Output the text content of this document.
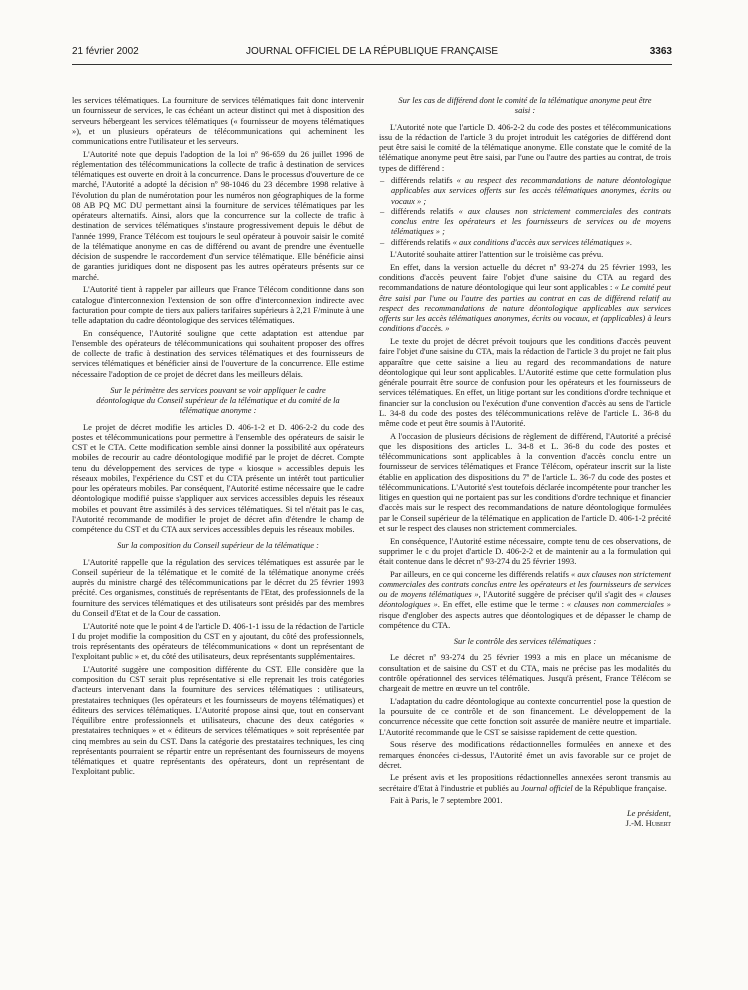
21 février 2002	JOURNAL OFFICIEL DE LA RÉPUBLIQUE FRANÇAISE	3363

les services télématiques. La fourniture de services télématiques fait donc intervenir un fournisseur de services, le cas échéant un acteur distinct qui met à disposition des serveurs hébergeant les services télématiques (« fournisseur de moyens télématiques »), et un plusieurs opérateurs de télécommunications qui acheminent les communications entre l'utilisateur et les serveurs.

L'Autorité note que depuis l'adoption de la loi nº 96-659 du 26 juillet 1996 de réglementation des télécommunications la collecte de trafic à destination de services télématiques est ouverte en droit à la concurrence. Dans le processus d'ouverture de ce marché, l'Autorité a adopté la décision nº 98-1046 du 23 décembre 1998 relative à l'évolution du plan de numérotation pour les numéros non géographiques de la forme 08 AB PQ MC DU permettant ainsi la fourniture de services télématiques par les opérateurs alternatifs. Ainsi, alors que la concurrence sur la collecte de trafic à destination de services télématiques s'instaure progressivement depuis le début de l'année 1999, France Télécom est toujours le seul opérateur à pouvoir saisir le comité de la télématique anonyme en cas de différend ou avant de prendre une éventuelle décision de suspendre le raccordement d'un service télématique. Elle bénéficie ainsi de garanties juridiques dont ne disposent pas les autres opérateurs présents sur ce marché.

L'Autorité tient à rappeler par ailleurs que France Télécom conditionne dans son catalogue d'interconnexion l'extension de son offre d'interconnexion indirecte avec facturation pour compte de tiers aux paliers tarifaires supérieurs à 2,21 F/minute à une telle adaptation du cadre déontologique des services télématiques.

En conséquence, l'Autorité souligne que cette adaptation est attendue par l'ensemble des opérateurs de télécommunications qui souhaitent proposer des offres de collecte de trafic à destination des services télématiques et des fournisseurs de services télématiques et bénéficier ainsi de l'ouverture de la concurrence. Elle estime nécessaire l'adoption de ce projet de décret dans les meilleurs délais.

Sur le périmètre des services pouvant se voir appliquer le cadre déontologique du Conseil supérieur de la télématique et du comité de la télématique anonyme :

Le projet de décret modifie les articles D. 406-1-2 et D. 406-2-2 du code des postes et télécommunications pour permettre à l'ensemble des opérateurs de saisir le CST et le CTA. Cette modification semble ainsi donner la possibilité aux opérateurs mobiles de recourir au cadre déontologique modifié par le projet de décret. Compte tenu du développement des services de type « kiosque » accessibles depuis les réseaux mobiles, l'expérience du CST et du CTA présente un intérêt tout particulier pour les opérateurs mobiles. Par conséquent, l'Autorité estime nécessaire que le cadre déontologique modifié puisse s'appliquer aux services accessibles depuis les réseaux mobiles et pouvant être assimilés à des services télématiques. Si tel n'était pas le cas, l'Autorité recommande de modifier le projet de décret afin d'étendre le champ de compétence du CST et du CTA aux services accessibles depuis les réseaux mobiles.

Sur la composition du Conseil supérieur de la télématique :

L'Autorité rappelle que la régulation des services télématiques est assurée par le Conseil supérieur de la télématique et le comité de la télématique anonyme créés auprès du ministre chargé des télécommunications par le décret du 25 février 1993 précité. Ces organismes, constitués de représentants de l'Etat, des professionnels de la fourniture des services télématiques et des utilisateurs sont présidés par des membres du Conseil d'Etat et de la Cour de cassation.

L'Autorité note que le point 4 de l'article D. 406-1-1 issu de la rédaction de l'article I du projet modifie la composition du CST en y ajoutant, du côté des professionnels, trois représentants des opérateurs de télécommunications « dont un représentant de l'exploitant public » et, du côté des utilisateurs, deux représentants supplémentaires.

L'Autorité suggère une composition différente du CST. Elle considère que la composition du CST serait plus représentative si elle reprenait les trois catégories d'acteurs intervenant dans la fourniture des services télématiques : utilisateurs, prestataires techniques (les opérateurs et les fournisseurs de moyens télématiques) et éditeurs des services télématiques. L'Autorité propose ainsi que, tout en conservant l'équilibre entre professionnels et utilisateurs, chacune des deux catégories « prestataires techniques » et « éditeurs de services télématiques » soit représentée par cinq membres au sein du CST. Dans la catégorie des prestataires techniques, les cinq représentants pourraient se répartir entre un représentant des fournisseurs de moyens télématiques et quatre représentants des opérateurs, dont un représentant de l'exploitant public.

Sur les cas de différend dont le comité de la télématique anonyme peut être saisi :

L'Autorité note que l'article D. 406-2-2 du code des postes et télécommunications issu de la rédaction de l'article 3 du projet introduit les catégories de différend dont peut être saisi le comité de la télématique anonyme. Elle constate que le comité de la télématique anonyme peut être saisi, par l'une ou l'autre des parties au contrat, de trois types de différend :

– différends relatifs « au respect des recommandations de nature déontologique applicables aux services offerts sur les accès télématiques anonymes, écrits ou vocaux » ;
– différends relatifs « aux clauses non strictement commerciales des contrats conclus entre les opérateurs et les fournisseurs de services ou de moyens télématiques » ;
– différends relatifs « aux conditions d'accès aux services télématiques ».

L'Autorité souhaite attirer l'attention sur le troisième cas prévu.

En effet, dans la version actuelle du décret nº 93-274 du 25 février 1993, les conditions d'accès peuvent faire l'objet d'une saisine du CTA au regard des recommandations de nature déontologique qui leur sont applicables : « Le comité peut être saisi par l'une ou l'autre des parties au contrat en cas de différend relatif au respect des recommandations de nature déontologique applicables aux services offerts sur les accès télématiques anonymes, écrits ou vocaux, et (applicables) à leurs conditions d'accès. »

Le texte du projet de décret prévoit toujours que les conditions d'accès peuvent faire l'objet d'une saisine du CTA, mais la rédaction de l'article 3 du projet ne fait plus apparaître que cette saisine a lieu au regard des recommandations de nature déontologique qui leur sont applicables. L'Autorité estime que cette formulation plus générale pourrait être source de confusion pour les opérateurs et les fournisseurs de services télématiques. En effet, un litige portant sur les conditions d'ordre technique et financier sur la conclusion ou l'exécution d'une convention d'accès au sens de l'article L. 34-8 du code des postes des télécommunications relève de l'article L. 36-8 du même code et peut être soumis à l'Autorité.

A l'occasion de plusieurs décisions de règlement de différend, l'Autorité a précisé que les dispositions des articles L. 34-8 et L. 36-8 du code des postes et télécommunications sont applicables à la convention d'accès conclu entre un fournisseur de services télématiques et France Télécom, opérateur inscrit sur la liste établie en application des dispositions du 7º de l'article L. 36-7 du code des postes et télécommunications. L'Autorité s'est toutefois déclarée incompétente pour trancher les litiges en question qui ne portaient pas sur les conditions d'ordre technique et financier d'accès mais sur le respect des recommandations de nature déontologique formulées par le Conseil supérieur de la télématique en application de l'article D. 406-1-2 précité et sur le respect des clauses non strictement commerciales.

En conséquence, l'Autorité estime nécessaire, compte tenu de ces observations, de supprimer le c du projet d'article D. 406-2-2 et de maintenir au a la formulation qui était contenue dans le décret nº 93-274 du 25 février 1993.

Par ailleurs, en ce qui concerne les différends relatifs « aux clauses non strictement commerciales des contrats conclus entre les opérateurs et les fournisseurs de services ou de moyens télématiques », l'Autorité suggère de préciser qu'il s'agit des « clauses déontologiques ». En effet, elle estime que le terme : « clauses non commerciales » risque d'englober des aspects autres que déontologiques et de dépasser le champ de compétence du CTA.

Sur le contrôle des services télématiques :

Le décret nº 93-274 du 25 février 1993 a mis en place un mécanisme de consultation et de saisine du CST et du CTA, mais ne précise pas les modalités du contrôle opérationnel des services télématiques. Jusqu'à présent, France Télécom se chargeait de mettre en œuvre un tel contrôle.

L'adaptation du cadre déontologique au contexte concurrentiel pose la question de la poursuite de ce contrôle et de son financement. Le développement de la concurrence nécessite que cette fonction soit assurée de manière neutre et impartiale. L'Autorité recommande que le CST se saisisse rapidement de cette question.

Sous réserve des modifications rédactionnelles formulées en annexe et des remarques énoncées ci-dessus, l'Autorité émet un avis favorable sur ce projet de décret.

Le présent avis et les propositions rédactionnelles annexées seront transmis au secrétaire d'Etat à l'industrie et publiés au Journal officiel de la République française.

Fait à Paris, le 7 septembre 2001.

Le président,
J.-M. Hubert
